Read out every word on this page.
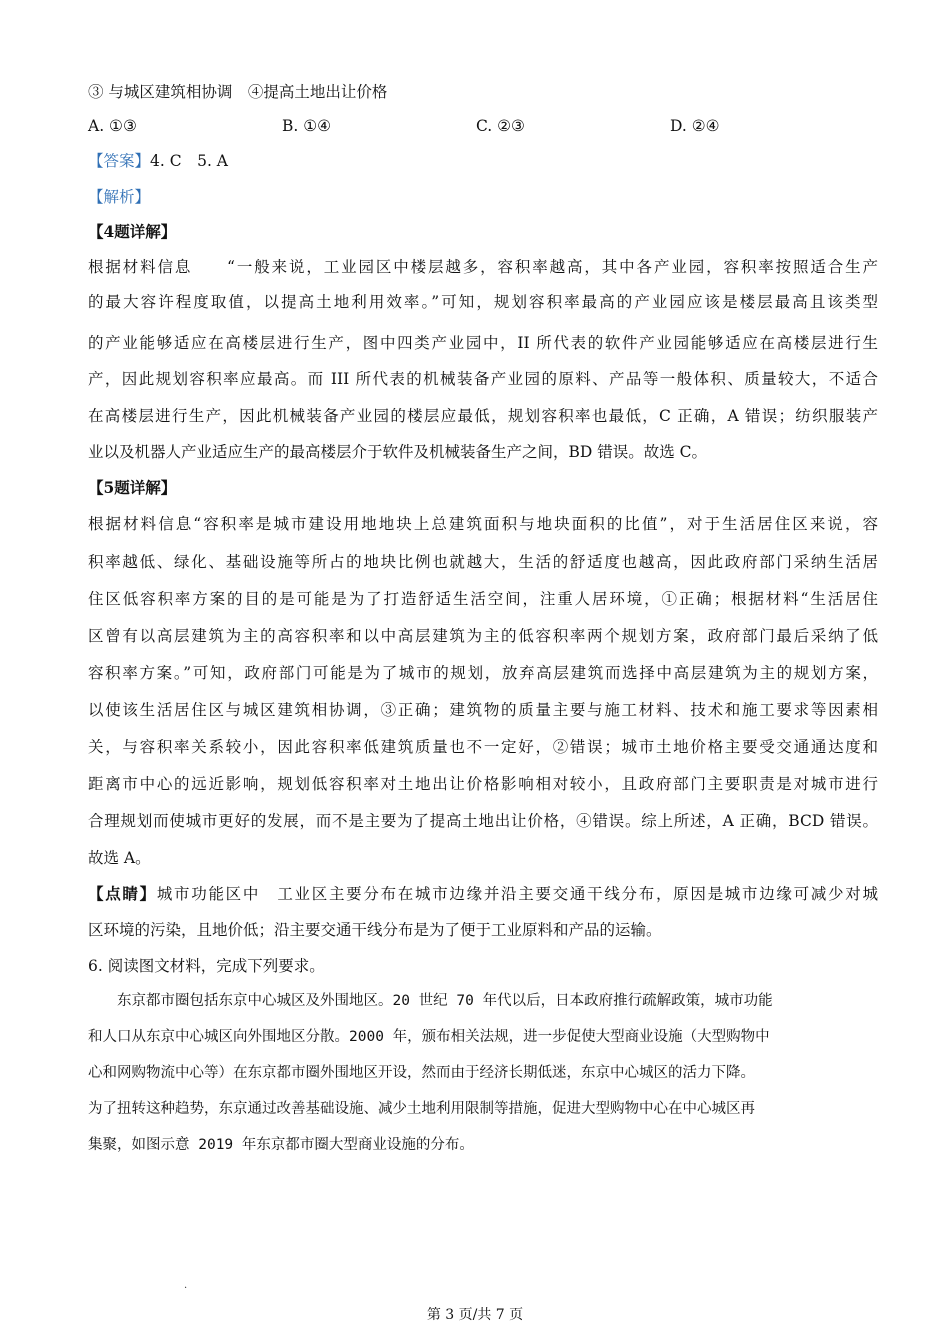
③ 与城区建筑相协调　④提高土地出让价格
A. ①③	B. ①④	C. ②③	D. ②④
【答案】4. C　5. A
【解析】
【4题详解】
根据材料信息　　“一般来说，工业园区中楼层越多，容积率越高，其中各产业园，容积率按照适合生产
的最大容许程度取值，以提高土地利用效率。”可知，规划容积率最高的产业园应该是楼层最高且该类型
的产业能够适应在高楼层进行生产，图中四类产业园中，II 所代表的软件产业园能够适应在高楼层进行生
产，因此规划容积率应最高。而 III 所代表的机械装备产业园的原料、产品等一般体积、质量较大，不适合
在高楼层进行生产，因此机械装备产业园的楼层应最低，规划容积率也最低，C 正确，A 错误；纺织服装产
业以及机器人产业适应生产的最高楼层介于软件及机械装备生产之间，BD 错误。故选 C。
【5题详解】
根据材料信息“容积率是城市建设用地地块上总建筑面积与地块面积的比值”，对于生活居住区来说，容
积率越低、绿化、基础设施等所占的地块比例也就越大，生活的舒适度也越高，因此政府部门采纳生活居
住区低容积率方案的目的是可能是为了打造舒适生活空间，注重人居环境，①正确；根据材料“生活居住
区曾有以高层建筑为主的高容积率和以中高层建筑为主的低容积率两个规划方案，政府部门最后采纳了低
容积率方案。”可知，政府部门可能是为了城市的规划，放弃高层建筑而选择中高层建筑为主的规划方案，
以使该生活居住区与城区建筑相协调，③正确；建筑物的质量主要与施工材料、技术和施工要求等因素相
关，与容积率关系较小，因此容积率低建筑质量也不一定好，②错误；城市土地价格主要受交通通达度和
距离市中心的远近影响，规划低容积率对土地出让价格影响相对较小，且政府部门主要职责是对城市进行
合理规划而使城市更好的发展，而不是主要为了提高土地出让价格，④错误。综上所述，A 正确，BCD 错误。
故选 A。
【点睛】城市功能区中　工业区主要分布在城市边缘并沿主要交通干线分布，原因是城市边缘可减少对城
区环境的污染，且地价低；沿主要交通干线分布是为了便于工业原料和产品的运输。
6. 阅读图文材料，完成下列要求。
　　东京都市圈包括东京中心城区及外围地区。20 世纪 70 年代以后，日本政府推行疏解政策，城市功能
和人口从东京中心城区向外围地区分散。2000 年，颁布相关法规，进一步促使大型商业设施（大型购物中
心和网购物流中心等）在东京都市圈外围地区开设，然而由于经济长期低迷，东京中心城区的活力下降。
为了扭转这种趋势，东京通过改善基础设施、减少土地利用限制等措施，促进大型购物中心在中心城区再
集聚，如图示意 2019 年东京都市圈大型商业设施的分布。
.
第 3 页/共 7 页
